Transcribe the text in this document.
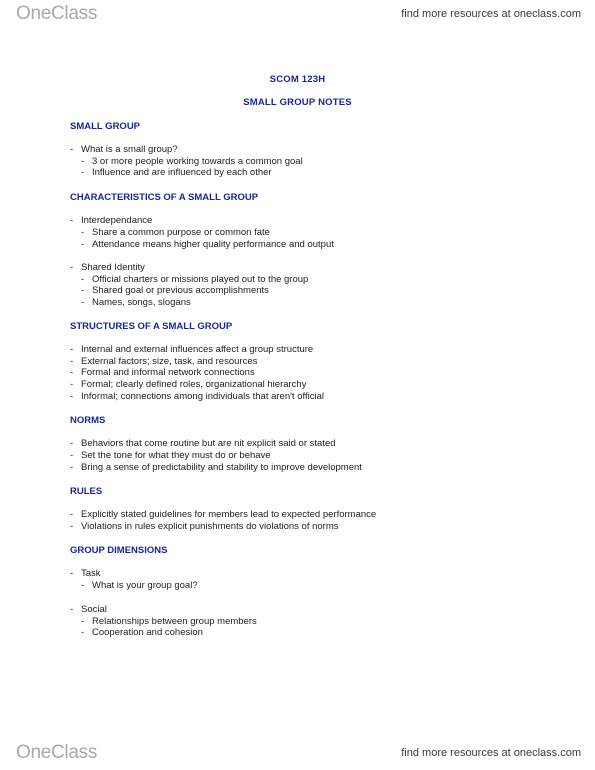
OneClass	find more resources at oneclass.com
SCOM 123H
SMALL GROUP NOTES
SMALL GROUP
- What is a small group?
- 3 or more people working towards a common goal
- Influence and are influenced by each other
CHARACTERISTICS OF A SMALL GROUP
- Interdependance
- Share a common purpose or common fate
- Attendance means higher quality performance and output
- Shared Identity
- Official charters or missions played out to the group
- Shared goal or previous accomplishments
- Names, songs, slogans
STRUCTURES OF A SMALL GROUP
- Internal and external influences affect a group structure
- External factors; size, task, and resources
- Formal and informal network connections
- Formal; clearly defined roles, organizational hierarchy
- Informal; connections among individuals that aren't official
NORMS
- Behaviors that come routine but are nit explicit said or stated
- Set the tone for what they must do or behave
- Bring a sense of predictability and stability to improve development
RULES
- Explicitly stated guidelines for members lead to expected performance
- Violations in rules explicit punishments do violations of norms
GROUP DIMENSIONS
- Task
- What is your group goal?
- Social
- Relationships between group members
- Cooperation and cohesion
OneClass	find more resources at oneclass.com
